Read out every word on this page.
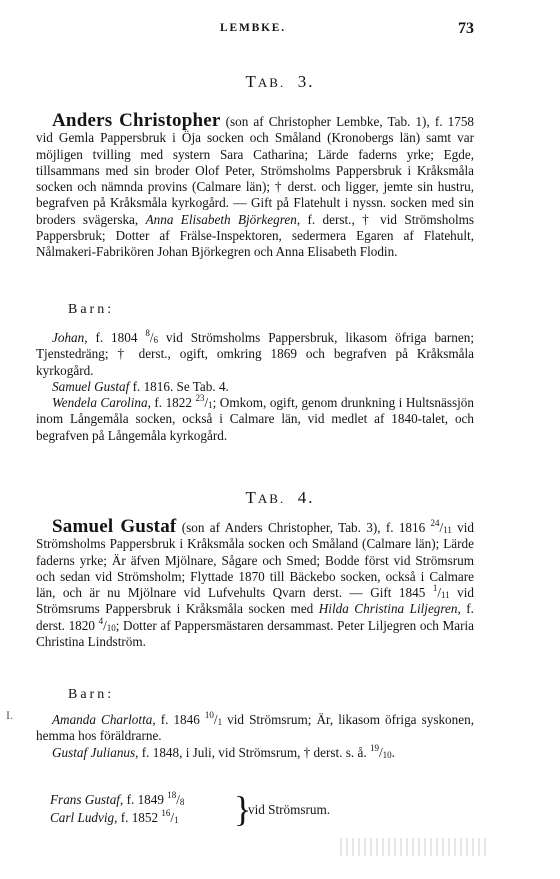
LEMBKE.	73
TAB. 3.

Anders Christopher (son af Christopher Lembke, Tab. 1), f. 1758 vid Gemla Pappersbruk i Öja socken och Småland (Kronobergs län) samt var möjligen tvilling med systern Sara Catharina; Lärde faderns yrke; Egde, tillsammans med sin broder Olof Peter, Strömsholms Pappersbruk i Kråksmåla socken och nämnda provins (Calmare län); † derst. och ligger, jemte sin hustru, begrafven på Kråksmåla kyrkogård. — Gift på Flatehult i nyssn. socken med sin broders svägerska, Anna Elisabeth Björkegren, f. derst., † vid Strömsholms Pappersbruk; Dotter af Frälse-Inspektoren, sedermera Egaren af Flatehult, Nålmakeri-Fabrikören Johan Björkegren och Anna Elisabeth Flodin.

Barn:

Johan, f. 1804 $^8/_6$ vid Strömsholms Pappersbruk, likasom öfriga barnen; Tjenstedräng; † derst., ogift, omkring 1869 och begrafven på Kråksmåla kyrkogård.

Samuel Gustaf f. 1816. Se Tab. 4.

Wendela Carolina, f. 1822 $^{23}/_1$; Omkom, ogift, genom drunkning i Hultsnässjön inom Långemåla socken, också i Calmare län, vid medlet af 1840-talet, och begrafven på Långemåla kyrkogård.

TAB. 4.

Samuel Gustaf (son af Anders Christopher, Tab. 3), f. 1816 $^{24}/_{11}$ vid Strömsholms Pappersbruk i Kråksmåla socken och Småland (Calmare län); Lärde faderns yrke; Är äfven Mjölnare, Sågare och Smed; Bodde först vid Strömsrum och sedan vid Strömsholm; Flyttade 1870 till Bäckebo socken, också i Calmare län, och är nu Mjölnare vid Lufvehults Qvarn derst. — Gift 1845 $^1/_{11}$ vid Strömsrums Pappersbruk i Kråksmåla socken med Hilda Christina Liljegren, f. derst. 1820 $^4/_{10}$; Dotter af Pappersmästaren dersammast. Peter Liljegren och Maria Christina Lindström.

Barn:

Amanda Charlotta, f. 1846 $^{10}/_1$ vid Strömsrum; Är, likasom öfriga syskonen, hemma hos föräldrarne.

Gustaf Julianus, f. 1848, i Juli, vid Strömsrum, † derst. s. å. $^{19}/_{10}$.

Frans Gustaf, f. 1849 $^{18}/_8$
Carl Ludvig, f. 1852 $^{16}/_1$ }
vid Strömsrum.
I.
